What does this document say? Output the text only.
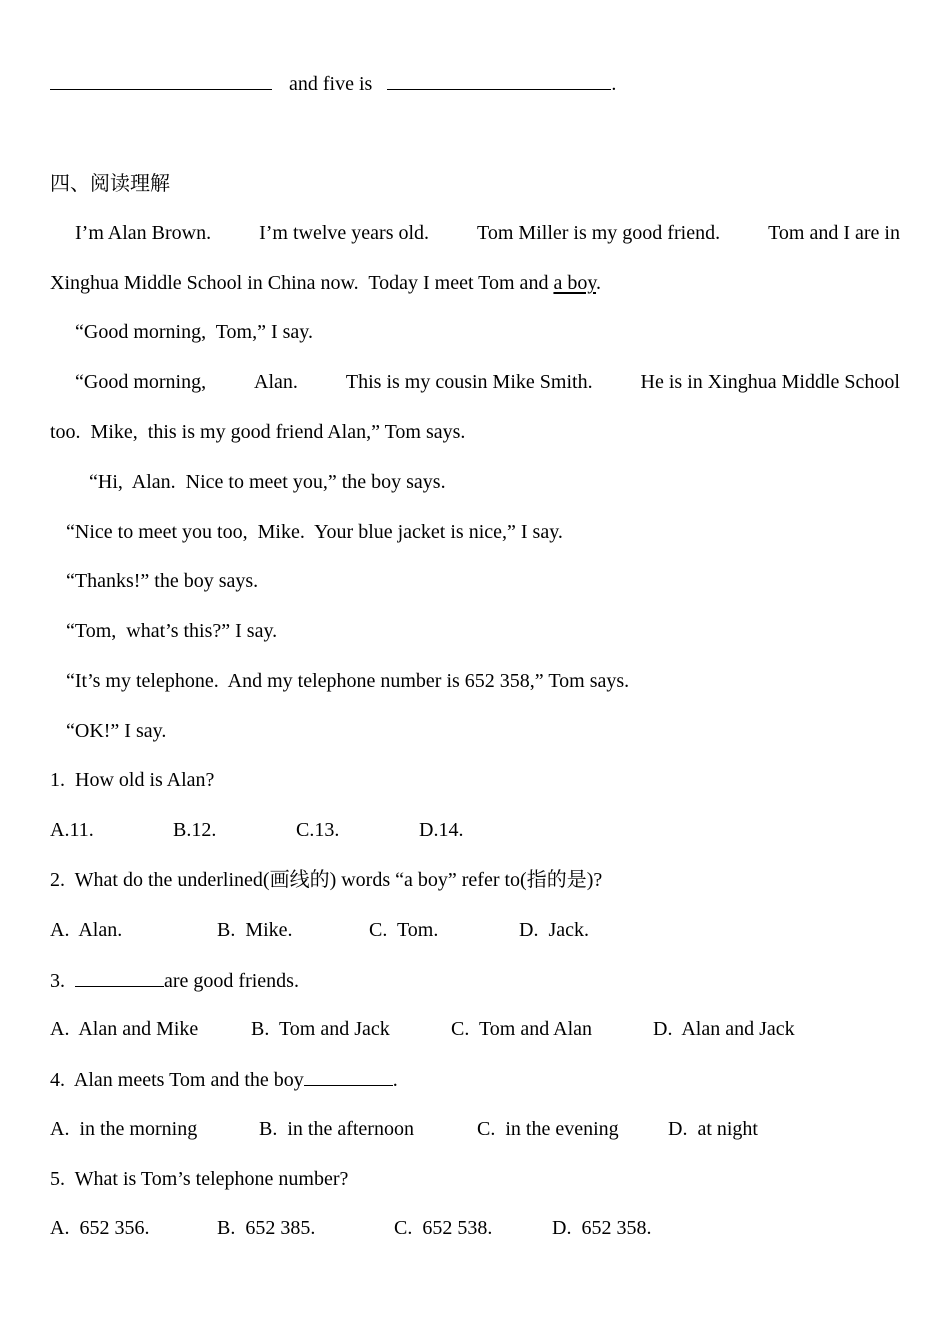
and five is	.
四、阅读理解
I’m Alan Brown. I’m twelve years old. Tom Miller is my good friend. Tom and I are in
Xinghua Middle School in China now.  Today I meet Tom and a boy.
“Good morning,  Tom,” I say.
“Good morning, Alan. This is my cousin Mike Smith. He is in Xinghua Middle School
too.  Mike,  this is my good friend Alan,” Tom says.
“Hi,  Alan.  Nice to meet you,” the boy says.
“Nice to meet you too,  Mike.  Your blue jacket is nice,” I say.
“Thanks!” the boy says.
“Tom,  what’s this?” I say.
“It’s my telephone.  And my telephone number is 652 358,” Tom says.
“OK!” I say.
1.  How old is Alan?
A.11.	B.12.	C.13.	D.14.
2.  What do the underlined(画线的) words “a boy” refer to(指的是)?
A.  Alan.	B.  Mike.	C.  Tom.	D.  Jack.
3.	are good friends.
A.  Alan and Mike	B.  Tom and Jack	C.  Tom and Alan	D.  Alan and Jack
4.  Alan meets Tom and the boy	.
A.  in the morning	B.  in the afternoon	C.  in the evening D.  at night
5.  What is Tom’s telephone number?
A.  652 356.	B.  652 385.	C.  652 538.	D.  652 358.
